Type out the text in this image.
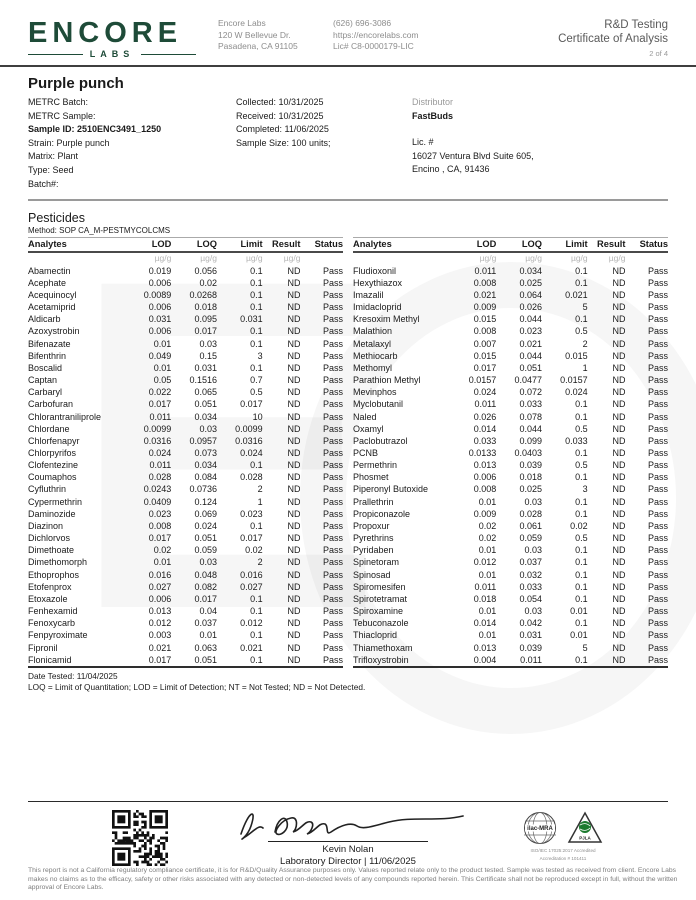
ENCORE
LABS
Encore Labs
120 W Bellevue Dr.
Pasadena, CA 91105
(626) 696-3086
https://encorelabs.com
Lic# C8-0000179-LIC
R&D Testing
Certificate of Analysis
2 of 4
Purple punch
METRC Batch:
METRC Sample:
Sample ID: 2510ENC3491_1250
Strain: Purple punch
Matrix: Plant
Type: Seed
Batch#:
Collected: 10/31/2025
Received: 10/31/2025
Completed: 11/06/2025
Sample Size: 100 units;
Distributor
FastBuds
Lic. #
16027 Ventura Blvd Suite 605,
Encino , CA, 91436
Pesticides
Method: SOP CA_M-PESTMYCOLCMS
Analytes	LOD	LOQ	Limit	Result	Status
	µg/g	µg/g	µg/g	µg/g	
Abamectin	0.019	0.056	0.1	ND	Pass
Acephate	0.006	0.02	0.1	ND	Pass
Acequinocyl	0.0089	0.0268	0.1	ND	Pass
Acetamiprid	0.006	0.018	0.1	ND	Pass
Aldicarb	0.031	0.095	0.031	ND	Pass
Azoxystrobin	0.006	0.017	0.1	ND	Pass
Bifenazate	0.01	0.03	0.1	ND	Pass
Bifenthrin	0.049	0.15	3	ND	Pass
Boscalid	0.01	0.031	0.1	ND	Pass
Captan	0.05	0.1516	0.7	ND	Pass
Carbaryl	0.022	0.065	0.5	ND	Pass
Carbofuran	0.017	0.051	0.017	ND	Pass
Chlorantraniliprole	0.011	0.034	10	ND	Pass
Chlordane	0.0099	0.03	0.0099	ND	Pass
Chlorfenapyr	0.0316	0.0957	0.0316	ND	Pass
Chlorpyrifos	0.024	0.073	0.024	ND	Pass
Clofentezine	0.011	0.034	0.1	ND	Pass
Coumaphos	0.028	0.084	0.028	ND	Pass
Cyfluthrin	0.0243	0.0736	2	ND	Pass
Cypermethrin	0.0409	0.124	1	ND	Pass
Daminozide	0.023	0.069	0.023	ND	Pass
Diazinon	0.008	0.024	0.1	ND	Pass
Dichlorvos	0.017	0.051	0.017	ND	Pass
Dimethoate	0.02	0.059	0.02	ND	Pass
Dimethomorph	0.01	0.03	2	ND	Pass
Ethoprophos	0.016	0.048	0.016	ND	Pass
Etofenprox	0.027	0.082	0.027	ND	Pass
Etoxazole	0.006	0.017	0.1	ND	Pass
Fenhexamid	0.013	0.04	0.1	ND	Pass
Fenoxycarb	0.012	0.037	0.012	ND	Pass
Fenpyroximate	0.003	0.01	0.1	ND	Pass
Fipronil	0.021	0.063	0.021	ND	Pass
Flonicamid	0.017	0.051	0.1	ND	Pass
Analytes	LOD	LOQ	Limit	Result	Status
	µg/g	µg/g	µg/g	µg/g	
Fludioxonil	0.011	0.034	0.1	ND	Pass
Hexythiazox	0.008	0.025	0.1	ND	Pass
Imazalil	0.021	0.064	0.021	ND	Pass
Imidacloprid	0.009	0.026	5	ND	Pass
Kresoxim Methyl	0.015	0.044	0.1	ND	Pass
Malathion	0.008	0.023	0.5	ND	Pass
Metalaxyl	0.007	0.021	2	ND	Pass
Methiocarb	0.015	0.044	0.015	ND	Pass
Methomyl	0.017	0.051	1	ND	Pass
Parathion Methyl	0.0157	0.0477	0.0157	ND	Pass
Mevinphos	0.024	0.072	0.024	ND	Pass
Myclobutanil	0.011	0.033	0.1	ND	Pass
Naled	0.026	0.078	0.1	ND	Pass
Oxamyl	0.014	0.044	0.5	ND	Pass
Paclobutrazol	0.033	0.099	0.033	ND	Pass
PCNB	0.0133	0.0403	0.1	ND	Pass
Permethrin	0.013	0.039	0.5	ND	Pass
Phosmet	0.006	0.018	0.1	ND	Pass
Piperonyl Butoxide	0.008	0.025	3	ND	Pass
Prallethrin	0.01	0.03	0.1	ND	Pass
Propiconazole	0.009	0.028	0.1	ND	Pass
Propoxur	0.02	0.061	0.02	ND	Pass
Pyrethrins	0.02	0.059	0.5	ND	Pass
Pyridaben	0.01	0.03	0.1	ND	Pass
Spinetoram	0.012	0.037	0.1	ND	Pass
Spinosad	0.01	0.032	0.1	ND	Pass
Spiromesifen	0.011	0.033	0.1	ND	Pass
Spirotetramat	0.018	0.054	0.1	ND	Pass
Spiroxamine	0.01	0.03	0.01	ND	Pass
Tebuconazole	0.014	0.042	0.1	ND	Pass
Thiacloprid	0.01	0.031	0.01	ND	Pass
Thiamethoxam	0.013	0.039	5	ND	Pass
Trifloxystrobin	0.004	0.011	0.1	ND	Pass
Date Tested: 11/04/2025
LOQ = Limit of Quantitation; LOD = Limit of Detection; NT = Not Tested; ND = Not Detected.
Kevin Nolan
Laboratory Director | 11/06/2025
ilac-MRA
PJLA
ISO/IEC 17025:2017 Accredited
Accreditation # 101411
This report is not a California regulatory compliance certificate, it is for R&D/Quality Assurance purposes only. Values reported relate only to the product tested. Sample was tested as received from client. Encore Labs makes no claims as to the efficacy, safety or other risks associated with any detected or non-detected levels of any compounds reported herein. This Certificate shall not be reproduced except in full, without the written approval of Encore Labs.
